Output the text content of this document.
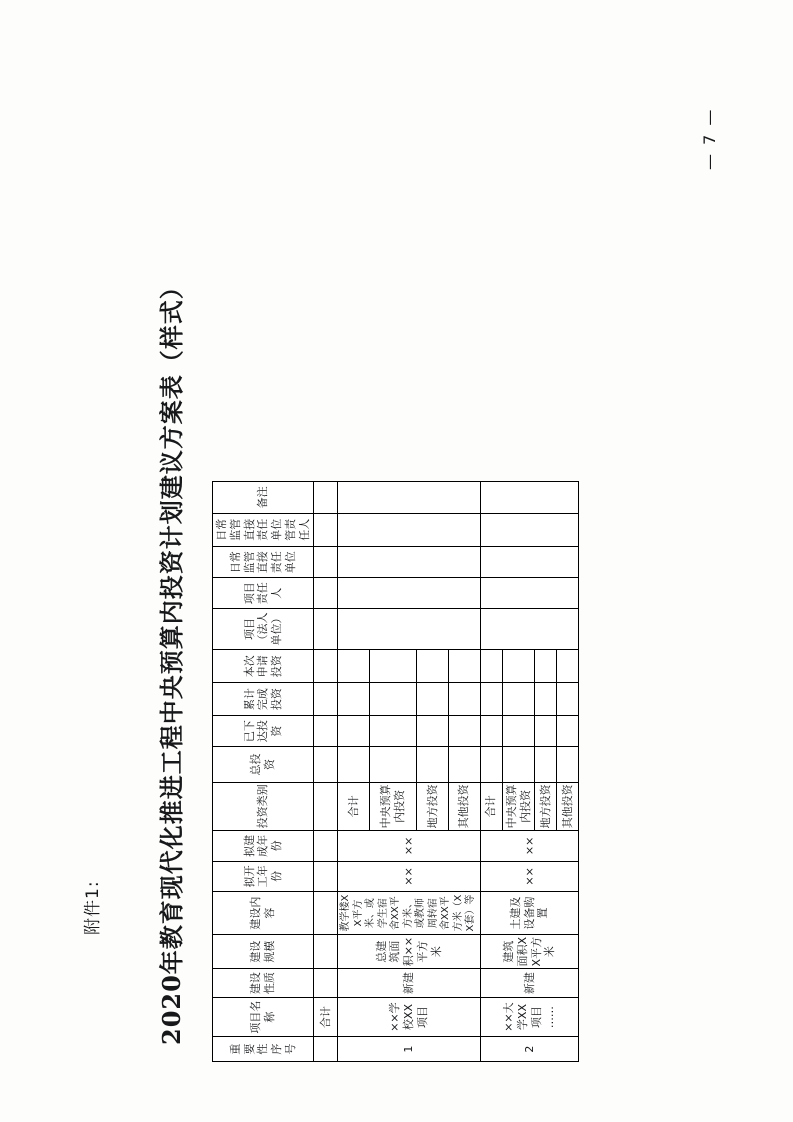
附件1:
— 7 —
2020年教育现代化推进工程中央预算内投资计划建议方案表（样式）
重要性序号	项目名称	建设性质	建设规模	建设内容	拟开工年份	拟建成年份	投资类别	总投资	已下达投资	累计完成投资	本次申请投资	项目（法人单位）	项目责任人	日常监管直接责任单位	日常监管直接责任单位管责任人	备注
	合计															
1	××学校XX项目	新建	总建筑面积××平方米	教学楼XX平方米、或学生宿舍XX平方米、或教师周转宿舍XX平方米（XX套）等	××	××	合计									
							中央预算内投资									
							地方投资									
							其他投资									
2	××大学XX项目 ……	新建	建筑面积XX平方米	土建及设备购置	××	××	合计									
							中央预算内投资									
							地方投资									
							其他投资									
